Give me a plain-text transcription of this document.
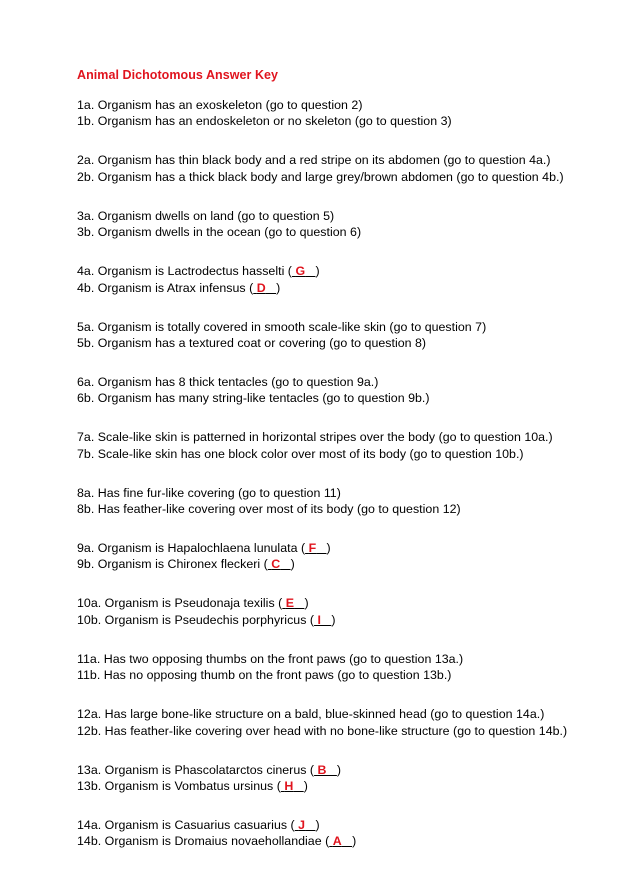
Animal Dichotomous Answer Key
1a. Organism has an exoskeleton (go to question 2)
1b. Organism has an endoskeleton or no skeleton (go to question 3)
2a. Organism has thin black body and a red stripe on its abdomen (go to question 4a.)
2b. Organism has a thick black body and large grey/brown abdomen (go to question 4b.)
3a. Organism dwells on land (go to question 5)
3b. Organism dwells in the ocean (go to question 6)
4a. Organism is Lactrodectus hasselti ( G )
4b. Organism is Atrax infensus ( D )
5a. Organism is totally covered in smooth scale-like skin (go to question 7)
5b. Organism has a textured coat or covering (go to question 8)
6a. Organism has 8 thick tentacles (go to question 9a.)
6b. Organism has many string-like tentacles (go to question 9b.)
7a. Scale-like skin is patterned in horizontal stripes over the body (go to question 10a.)
7b. Scale-like skin has one block color over most of its body (go to question 10b.)
8a. Has fine fur-like covering (go to question 11)
8b. Has feather-like covering over most of its body (go to question 12)
9a. Organism is Hapalochlaena lunulata ( F )
9b. Organism is Chironex fleckeri ( C )
10a. Organism is Pseudonaja texilis ( E )
10b. Organism is Pseudechis porphyricus ( I )
11a. Has two opposing thumbs on the front paws (go to question 13a.)
11b. Has no opposing thumb on the front paws (go to question 13b.)
12a. Has large bone-like structure on a bald, blue-skinned head (go to question 14a.)
12b. Has feather-like covering over head with no bone-like structure (go to question 14b.)
13a. Organism is Phascolatarctos cinerus ( B )
13b. Organism is Vombatus ursinus ( H )
14a. Organism is Casuarius casuarius ( J )
14b. Organism is Dromaius novaehollandiae ( A )
